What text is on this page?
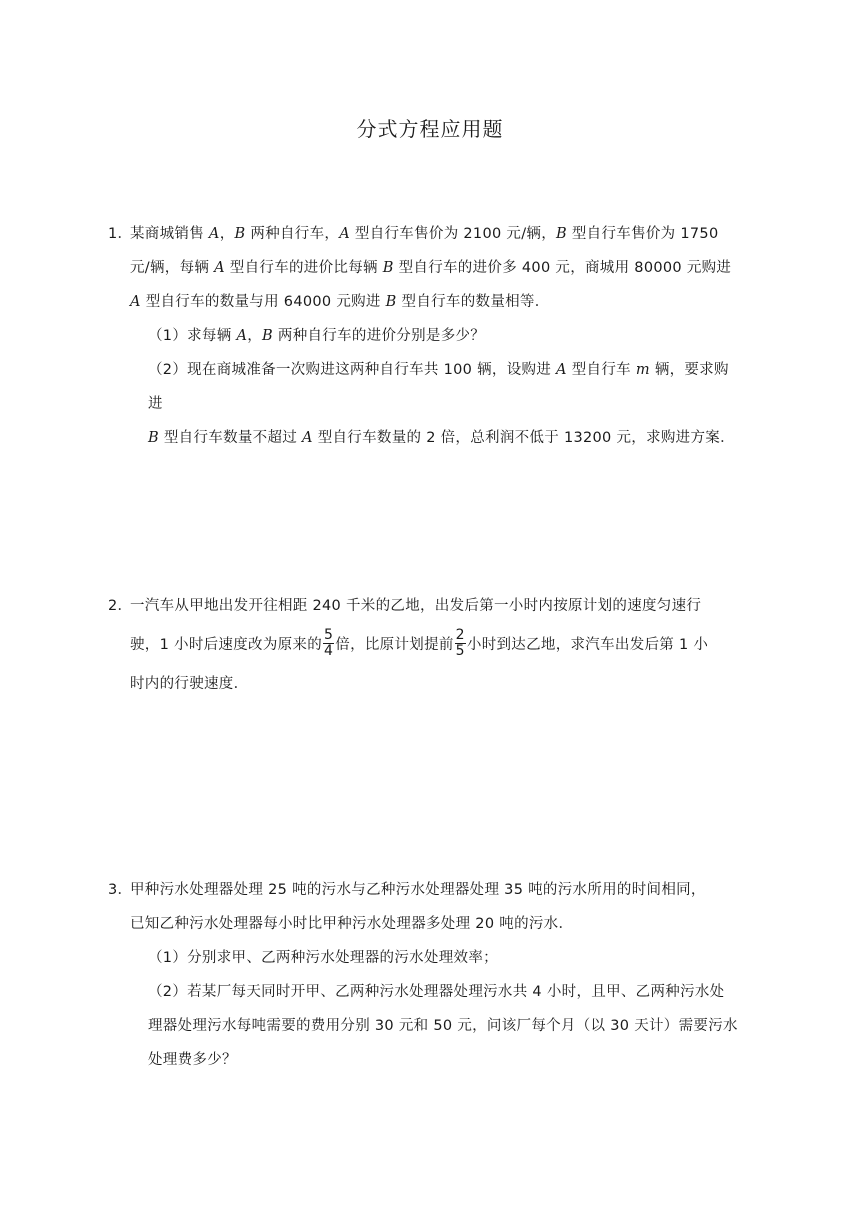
分式方程应用题
1．某商城销售 A，B 两种自行车，A 型自行车售价为 2100 元/辆，B 型自行车售价为 1750
元/辆，每辆 A 型自行车的进价比每辆 B 型自行车的进价多 400 元，商城用 80000 元购进
A 型自行车的数量与用 64000 元购进 B 型自行车的数量相等．
（1）求每辆 A，B 两种自行车的进价分别是多少？
（2）现在商城准备一次购进这两种自行车共 100 辆，设购进 A 型自行车 m 辆，要求购进
B 型自行车数量不超过 A 型自行车数量的 2 倍，总利润不低于 13200 元，求购进方案．
2．一汽车从甲地出发开往相距 240 千米的乙地，出发后第一小时内按原计划的速度匀速行
驶，1 小时后速度改为原来的 $\frac{5}{4}$ 倍，比原计划提前 $\frac{2}{5}$ 小时到达乙地，求汽车出发后第 1 小
时内的行驶速度．
3．甲种污水处理器处理 25 吨的污水与乙种污水处理器处理 35 吨的污水所用的时间相同，
已知乙种污水处理器每小时比甲种污水处理器多处理 20 吨的污水．
（1）分别求甲、乙两种污水处理器的污水处理效率；
（2）若某厂每天同时开甲、乙两种污水处理器处理污水共 4 小时，且甲、乙两种污水处
理器处理污水每吨需要的费用分别 30 元和 50 元，问该厂每个月（以 30 天计）需要污水
处理费多少？
